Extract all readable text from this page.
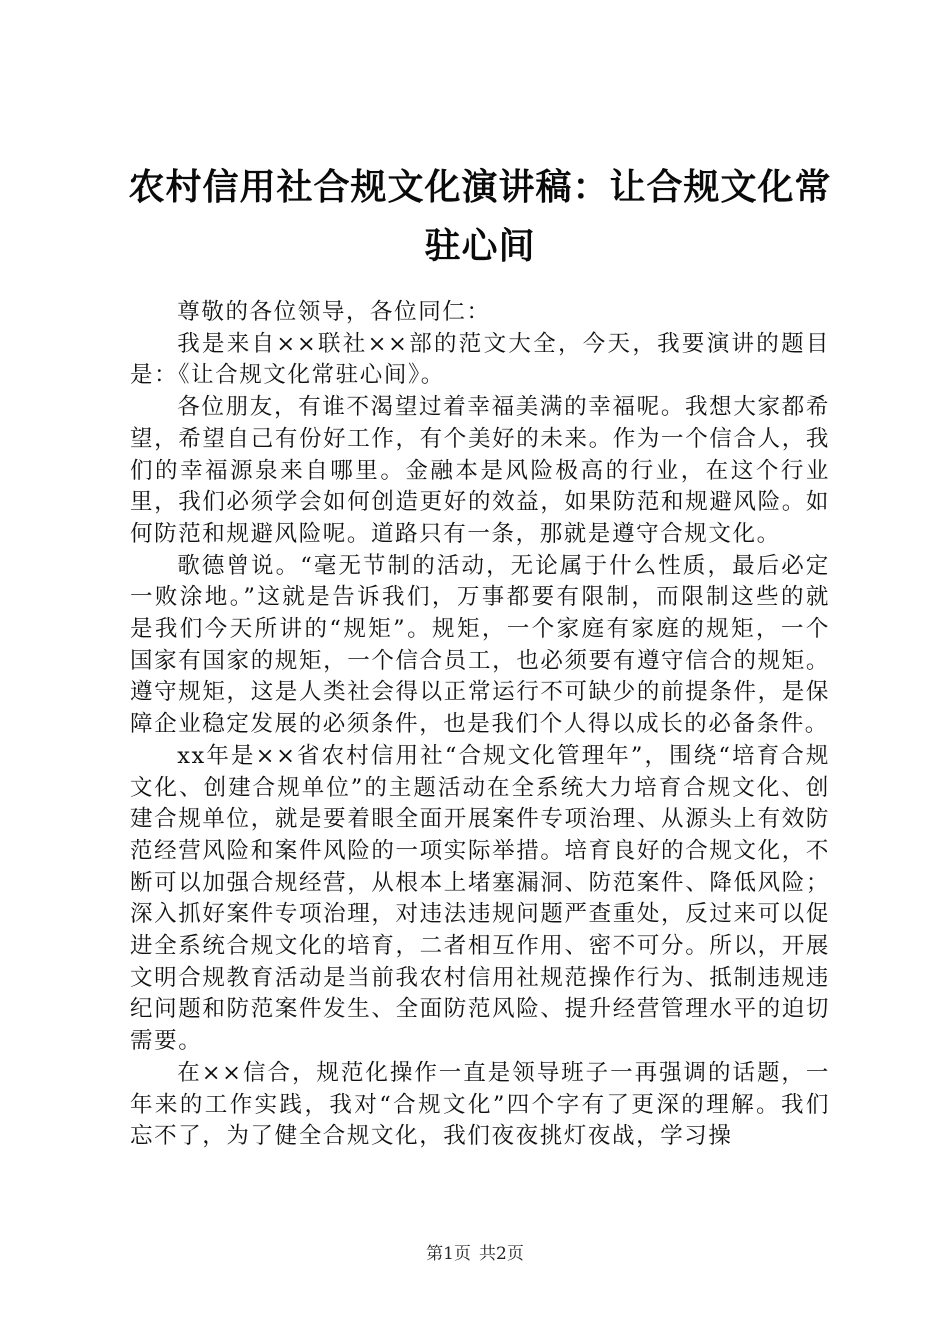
农村信用社合规文化演讲稿：让合规文化常驻心间

尊敬的各位领导，各位同仁：

我是来自××联社××部的范文大全，今天，我要演讲的题目是：《让合规文化常驻心间》。

各位朋友，有谁不渴望过着幸福美满的幸福呢。我想大家都希望，希望自己有份好工作，有个美好的未来。作为一个信合人，我们的幸福源泉来自哪里。金融本是风险极高的行业，在这个行业里，我们必须学会如何创造更好的效益，如果防范和规避风险。如何防范和规避风险呢。道路只有一条，那就是遵守合规文化。

歌德曾说。“毫无节制的活动，无论属于什么性质，最后必定一败涂地。”这就是告诉我们，万事都要有限制，而限制这些的就是我们今天所讲的“规矩”。规矩，一个家庭有家庭的规矩，一个国家有国家的规矩，一个信合员工，也必须要有遵守信合的规矩。遵守规矩，这是人类社会得以正常运行不可缺少的前提条件，是保障企业稳定发展的必须条件，也是我们个人得以成长的必备条件。

xx年是××省农村信用社“合规文化管理年”，围绕“培育合规文化、创建合规单位”的主题活动在全系统大力培育合规文化、创建合规单位，就是要着眼全面开展案件专项治理、从源头上有效防范经营风险和案件风险的一项实际举措。培育良好的合规文化，不断可以加强合规经营，从根本上堵塞漏洞、防范案件、降低风险；深入抓好案件专项治理，对违法违规问题严查重处，反过来可以促进全系统合规文化的培育，二者相互作用、密不可分。所以，开展文明合规教育活动是当前我农村信用社规范操作行为、抵制违规违纪问题和防范案件发生、全面防范风险、提升经营管理水平的迫切需要。

在××信合，规范化操作一直是领导班子一再强调的话题，一年来的工作实践，我对“合规文化”四个字有了更深的理解。我们忘不了，为了健全合规文化，我们夜夜挑灯夜战，学习操

第1页 共2页
